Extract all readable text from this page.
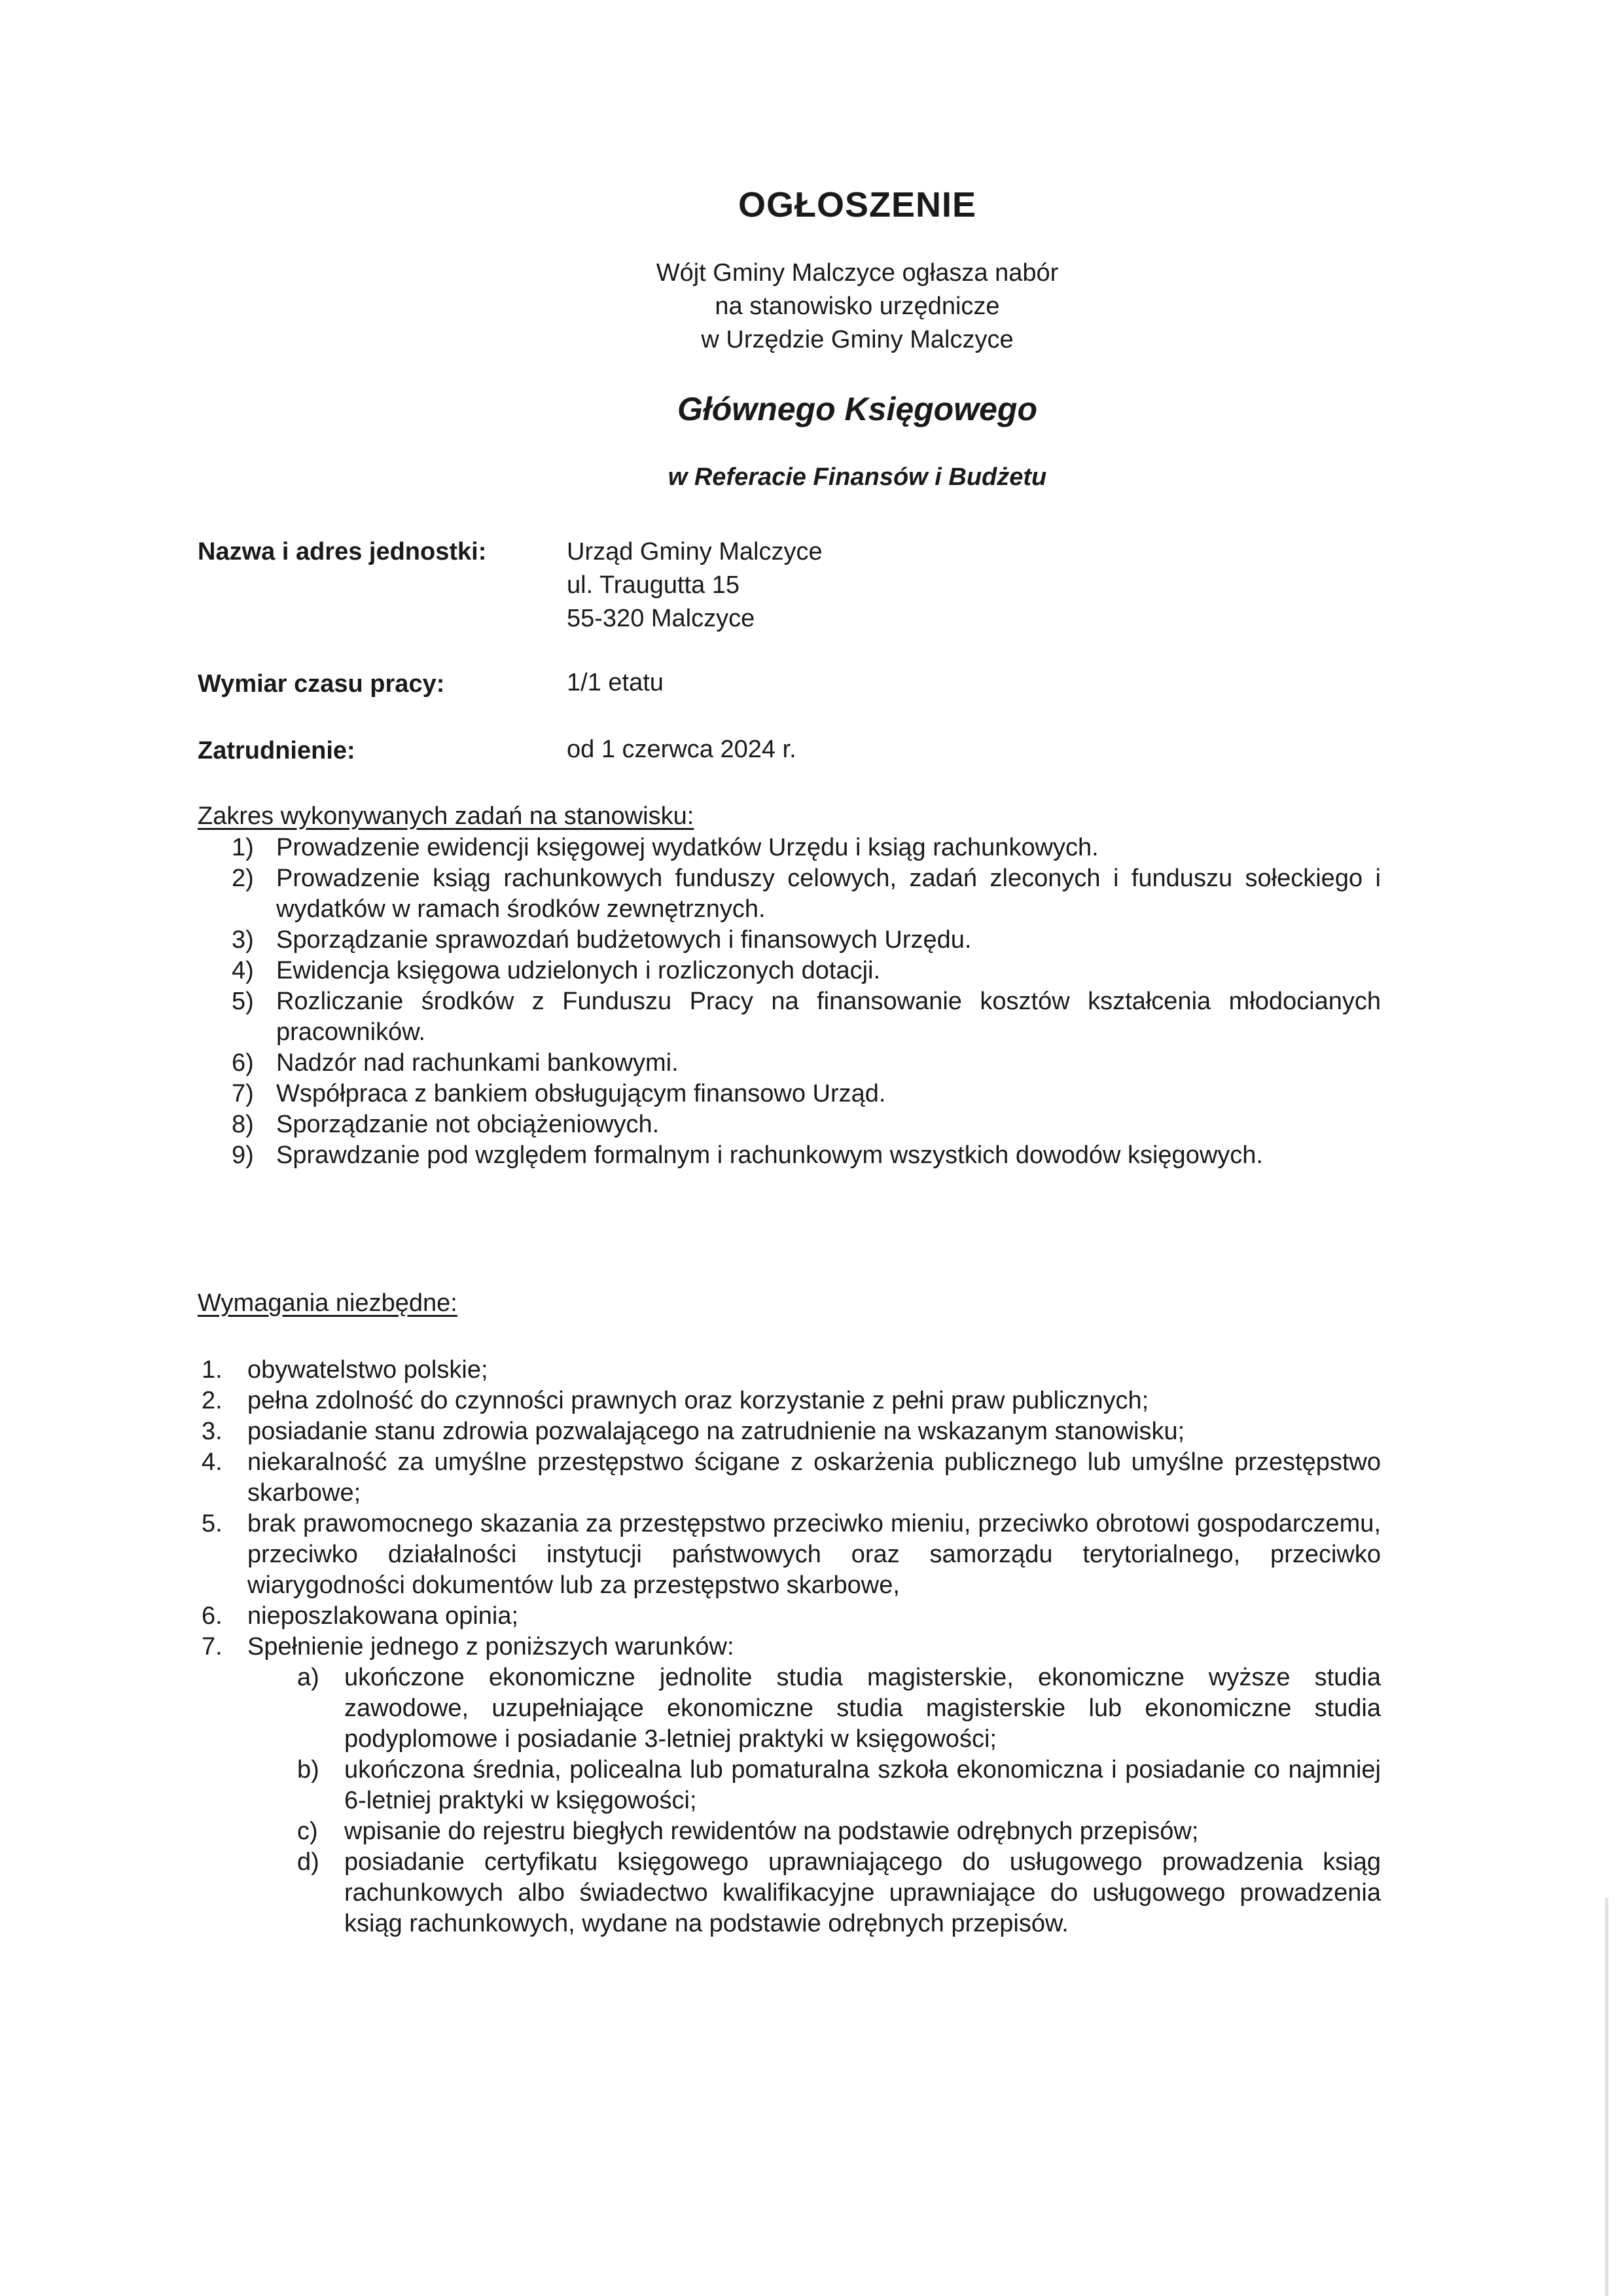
OGŁOSZENIE
Wójt Gminy Malczyce ogłasza nabór
na stanowisko urzędnicze
w Urzędzie Gminy Malczyce
Głównego Księgowego
w Referacie Finansów i Budżetu
Nazwa i adres jednostki:	Urząd Gminy Malczyce
ul. Traugutta 15
55-320 Malczyce
Wymiar czasu pracy:	1/1 etatu
Zatrudnienie:	od 1 czerwca 2024 r.
Zakres wykonywanych zadań na stanowisku:
1) Prowadzenie ewidencji księgowej wydatków Urzędu i ksiąg rachunkowych.
2) Prowadzenie ksiąg rachunkowych funduszy celowych, zadań zleconych i funduszu sołeckiego i wydatków w ramach środków zewnętrznych.
3) Sporządzanie sprawozdań budżetowych i finansowych Urzędu.
4) Ewidencja księgowa udzielonych i rozliczonych dotacji.
5) Rozliczanie środków z Funduszu Pracy na finansowanie kosztów kształcenia młodocianych pracowników.
6) Nadzór nad rachunkami bankowymi.
7) Współpraca z bankiem obsługującym finansowo Urząd.
8) Sporządzanie not obciążeniowych.
9) Sprawdzanie pod względem formalnym i rachunkowym wszystkich dowodów księgowych.
Wymagania niezbędne:
1. obywatelstwo polskie;
2. pełna zdolność do czynności prawnych oraz korzystanie z pełni praw publicznych;
3. posiadanie stanu zdrowia pozwalającego na zatrudnienie na wskazanym stanowisku;
4. niekaralność za umyślne przestępstwo ścigane z oskarżenia publicznego lub umyślne przestępstwo skarbowe;
5. brak prawomocnego skazania za przestępstwo przeciwko mieniu, przeciwko obrotowi gospodarczemu, przeciwko działalności instytucji państwowych oraz samorządu terytorialnego, przeciwko wiarygodności dokumentów lub za przestępstwo skarbowe,
6. nieposzlakowana opinia;
7. Spełnienie jednego z poniższych warunków:
a) ukończone ekonomiczne jednolite studia magisterskie, ekonomiczne wyższe studia zawodowe, uzupełniające ekonomiczne studia magisterskie lub ekonomiczne studia podyplomowe i posiadanie 3-letniej praktyki w księgowości;
b) ukończona średnia, policealna lub pomaturalna szkoła ekonomiczna i posiadanie co najmniej 6-letniej praktyki w księgowości;
c) wpisanie do rejestru biegłych rewidentów na podstawie odrębnych przepisów;
d) posiadanie certyfikatu księgowego uprawniającego do usługowego prowadzenia ksiąg rachunkowych albo świadectwo kwalifikacyjne uprawniające do usługowego prowadzenia ksiąg rachunkowych, wydane na podstawie odrębnych przepisów.
